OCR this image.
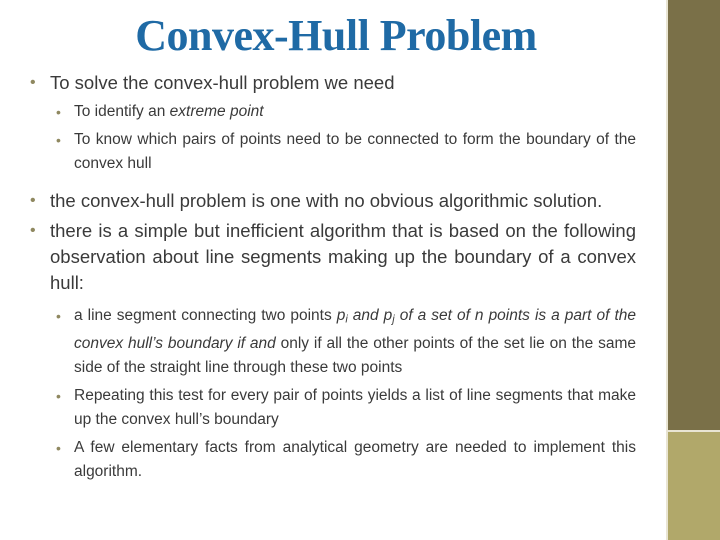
Convex-Hull Problem
• To solve the convex-hull problem we need
• To identify an extreme point
• To know which pairs of points need to be connected to form the boundary of the convex hull
• the convex-hull problem is one with no obvious algorithmic solution.
• there is a simple but inefficient algorithm that is based on the following observation about line segments making up the boundary of a convex hull:
• a line segment connecting two points pi and pj of a set of n points is a part of the convex hull’s boundary if and only if all the other points of the set lie on the same side of the straight line through these two points
• Repeating this test for every pair of points yields a list of line segments that make up the convex hull’s boundary
• A few elementary facts from analytical geometry are needed to implement this algorithm.
